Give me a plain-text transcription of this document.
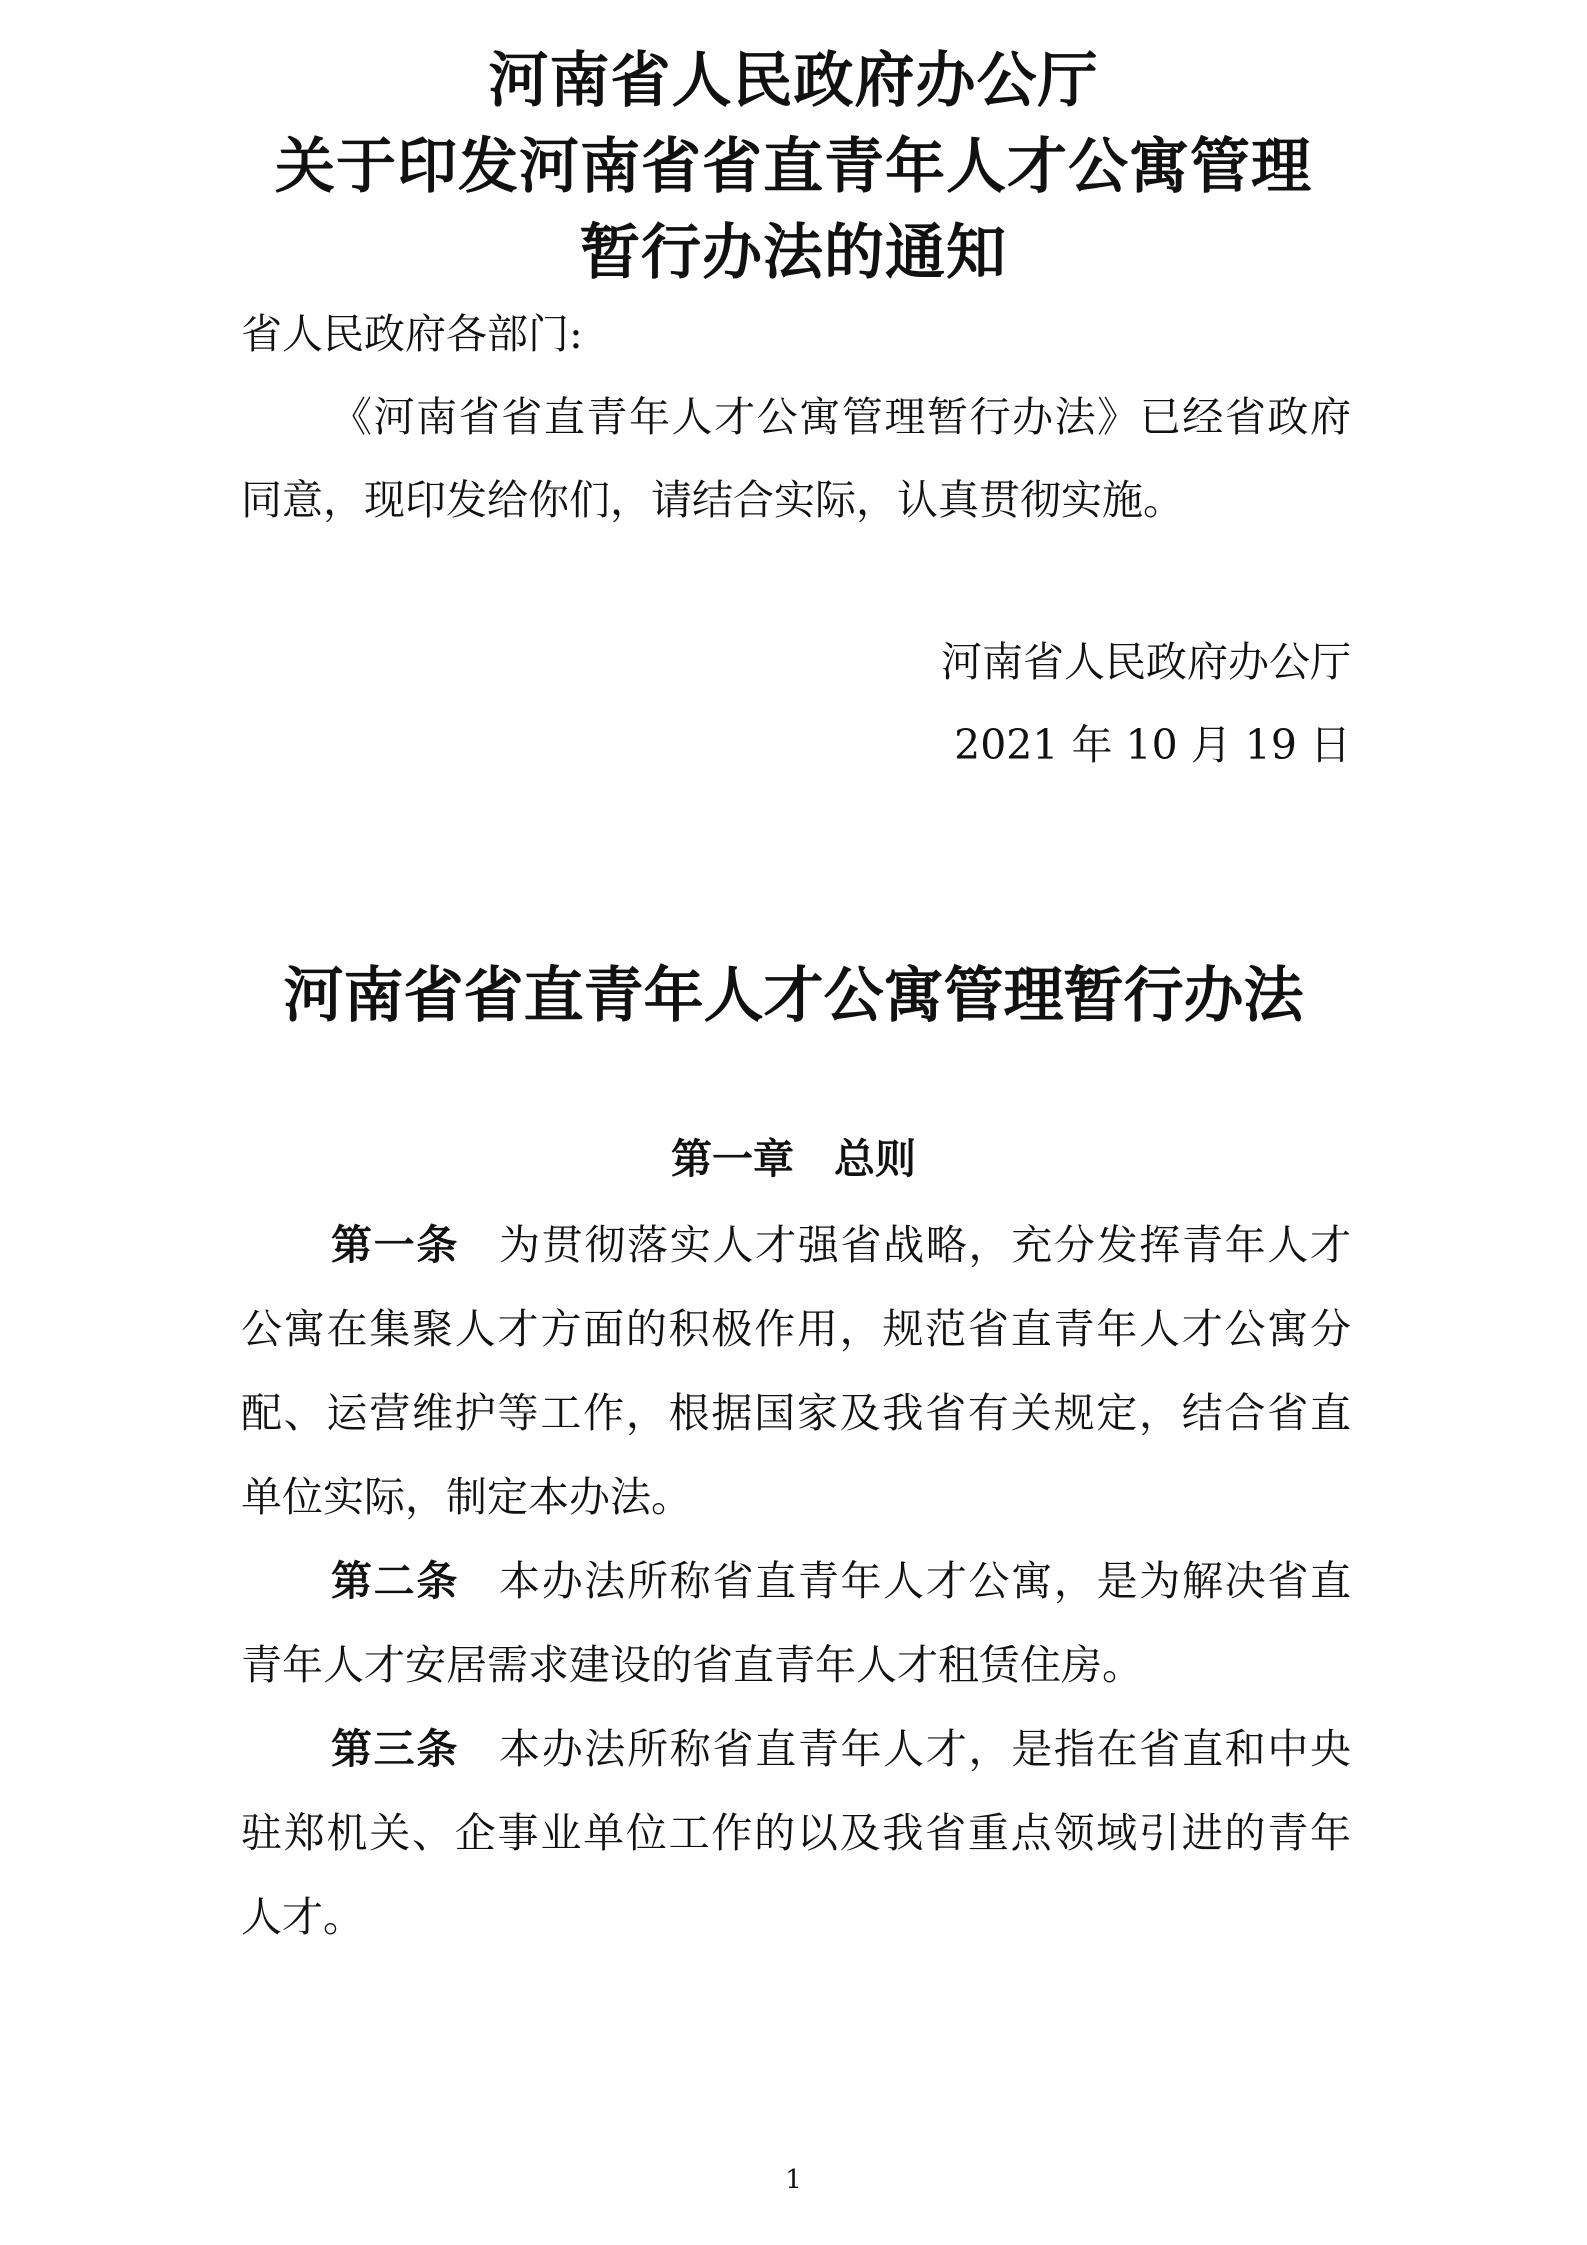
河南省人民政府办公厅
关于印发河南省省直青年人才公寓管理
暂行办法的通知
省人民政府各部门:
《河南省省直青年人才公寓管理暂行办法》已经省政府
同意，现印发给你们，请结合实际，认真贯彻实施。
河南省人民政府办公厅
2021 年 10 月 19 日
河南省省直青年人才公寓管理暂行办法
第一章 总则
第一条 为贯彻落实人才强省战略，充分发挥青年人才
公寓在集聚人才方面的积极作用，规范省直青年人才公寓分
配、运营维护等工作，根据国家及我省有关规定，结合省直
单位实际，制定本办法。
第二条 本办法所称省直青年人才公寓，是为解决省直
青年人才安居需求建设的省直青年人才租赁住房。
第三条 本办法所称省直青年人才，是指在省直和中央
驻郑机关、企事业单位工作的以及我省重点领域引进的青年
人才。
1
